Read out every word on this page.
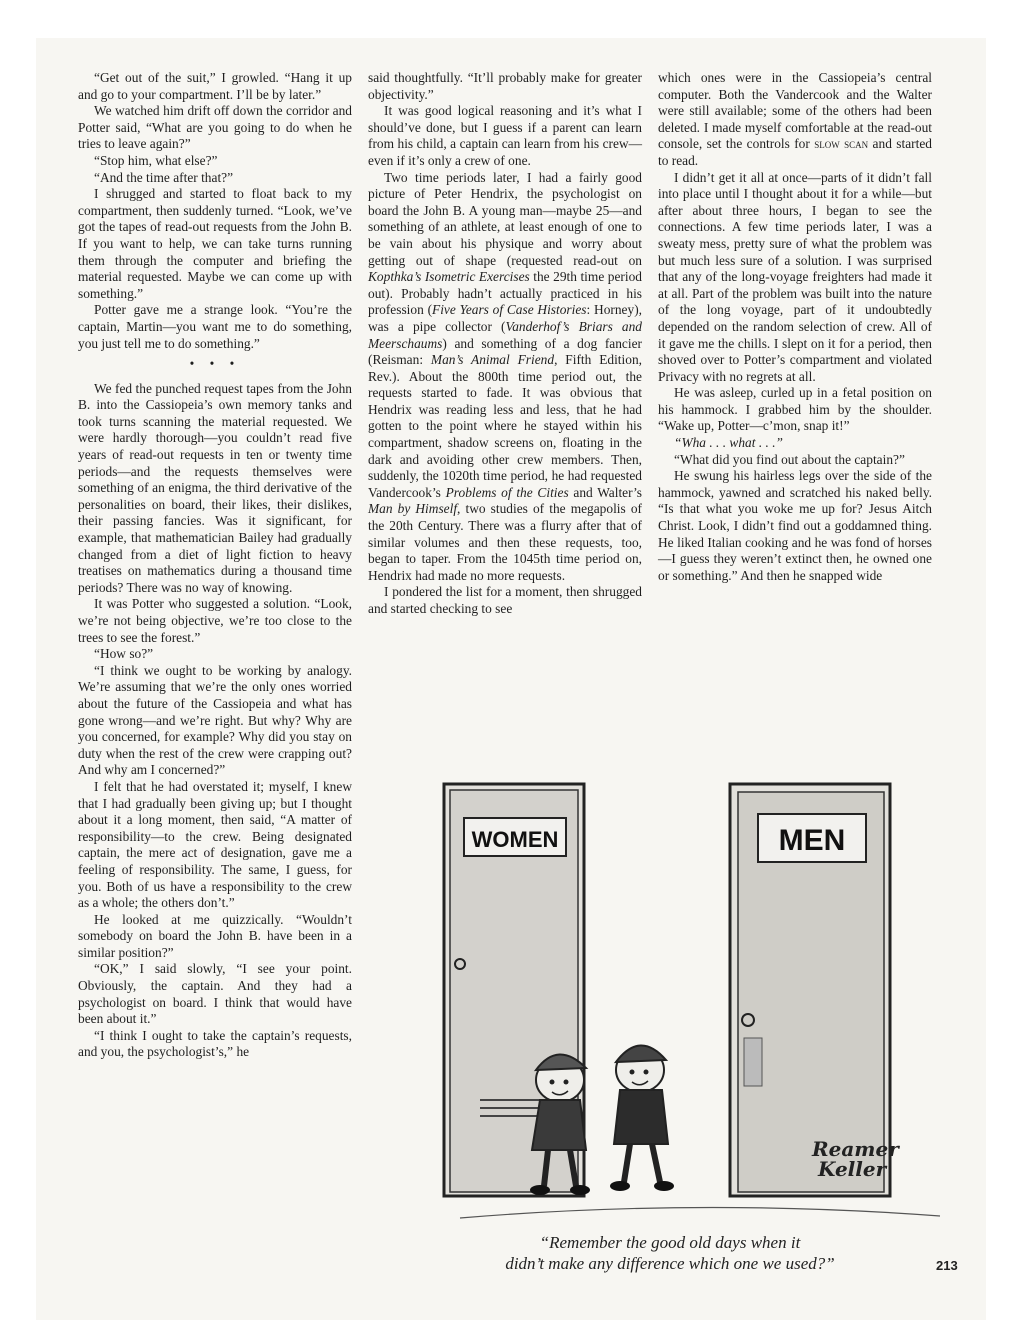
“Get out of the suit,” I growled. “Hang it up and go to your compartment. I’ll be by later.”

We watched him drift off down the corridor and Potter said, “What are you going to do when he tries to leave again?”

“Stop him, what else?”

“And the time after that?”

I shrugged and started to float back to my compartment, then suddenly turned. “Look, we’ve got the tapes of read-out requests from the John B. If you want to help, we can take turns running them through the computer and briefing the material requested. Maybe we can come up with something.”

Potter gave me a strange look. “You’re the captain, Martin—you want me to do something, you just tell me to do something.”

• • •

We fed the punched request tapes from the John B. into the Cassiopeia’s own memory tanks and took turns scanning the material requested. We were hardly thorough—you couldn’t read five years of read-out requests in ten or twenty time periods—and the requests themselves were something of an enigma, the third derivative of the personalities on board, their likes, their dislikes, their passing fancies. Was it significant, for example, that mathematician Bailey had gradually changed from a diet of light fiction to heavy treatises on mathematics during a thousand time periods? There was no way of knowing.

It was Potter who suggested a solution. “Look, we’re not being objective, we’re too close to the trees to see the forest.”

“How so?”

“I think we ought to be working by analogy. We’re assuming that we’re the only ones worried about the future of the Cassiopeia and what has gone wrong—and we’re right. But why? Why are you concerned, for example? Why did you stay on duty when the rest of the crew were crapping out? And why am I concerned?”

I felt that he had overstated it; myself, I knew that I had gradually been giving up; but I thought about it a long moment, then said, “A matter of responsibility—to the crew. Being designated captain, the mere act of designation, gave me a feeling of responsibility. The same, I guess, for you. Both of us have a responsibility to the crew as a whole; the others don’t.”

He looked at me quizzically. “Wouldn’t somebody on board the John B. have been in a similar position?”

“OK,” I said slowly, “I see your point. Obviously, the captain. And they had a psychologist on board. I think that would have been about it.”

“I think I ought to take the captain’s requests, and you, the psychologist’s,” he

said thoughtfully. “It’ll probably make for greater objectivity.”

It was good logical reasoning and it’s what I should’ve done, but I guess if a parent can learn from his child, a captain can learn from his crew—even if it’s only a crew of one.

Two time periods later, I had a fairly good picture of Peter Hendrix, the psychologist on board the John B. A young man—maybe 25—and something of an athlete, at least enough of one to be vain about his physique and worry about getting out of shape (requested read-out on Kopthka’s Isometric Exercises the 29th time period out). Probably hadn’t actually practiced in his profession (Five Years of Case Histories: Horney), was a pipe collector (Vanderhof’s Briars and Meerschaums) and something of a dog fancier (Reisman: Man’s Animal Friend, Fifth Edition, Rev.). About the 800th time period out, the requests started to fade. It was obvious that Hendrix was reading less and less, that he had gotten to the point where he stayed within his compartment, shadow screens on, floating in the dark and avoiding other crew members. Then, suddenly, the 1020th time period, he had requested Vandercook’s Problems of the Cities and Walter’s Man by Himself, two studies of the megapolis of the 20th Century. There was a flurry after that of similar volumes and then these requests, too, began to taper. From the 1045th time period on, Hendrix had made no more requests.

I pondered the list for a moment, then shrugged and started checking to see

which ones were in the Cassiopeia’s central computer. Both the Vandercook and the Walter were still available; some of the others had been deleted. I made myself comfortable at the read-out console, set the controls for slow scan and started to read.

I didn’t get it all at once—parts of it didn’t fall into place until I thought about it for a while—but after about three hours, I began to see the connections. A few time periods later, I was a sweaty mess, pretty sure of what the problem was but much less sure of a solution. I was surprised that any of the long-voyage freighters had made it at all. Part of the problem was built into the nature of the long voyage, part of it undoubtedly depended on the random selection of crew. All of it gave me the chills. I slept on it for a period, then shoved over to Potter’s compartment and violated Privacy with no regrets at all.

He was asleep, curled up in a fetal position on his hammock. I grabbed him by the shoulder. “Wake up, Potter—c’mon, snap it!”

“Wha . . . what . . .”

“What did you find out about the captain?”

He swung his hairless legs over the side of the hammock, yawned and scratched his naked belly. “Is that what you woke me up for? Jesus Aitch Christ. Look, I didn’t find out a goddamned thing. He liked Italian cooking and he was fond of horses—I guess they weren’t extinct then, he owned one or something.” And then he snapped wide

WOMEN	MEN
Reamer
Keller
“Remember the good old days when it
didn’t make any difference which one we used?”	213
